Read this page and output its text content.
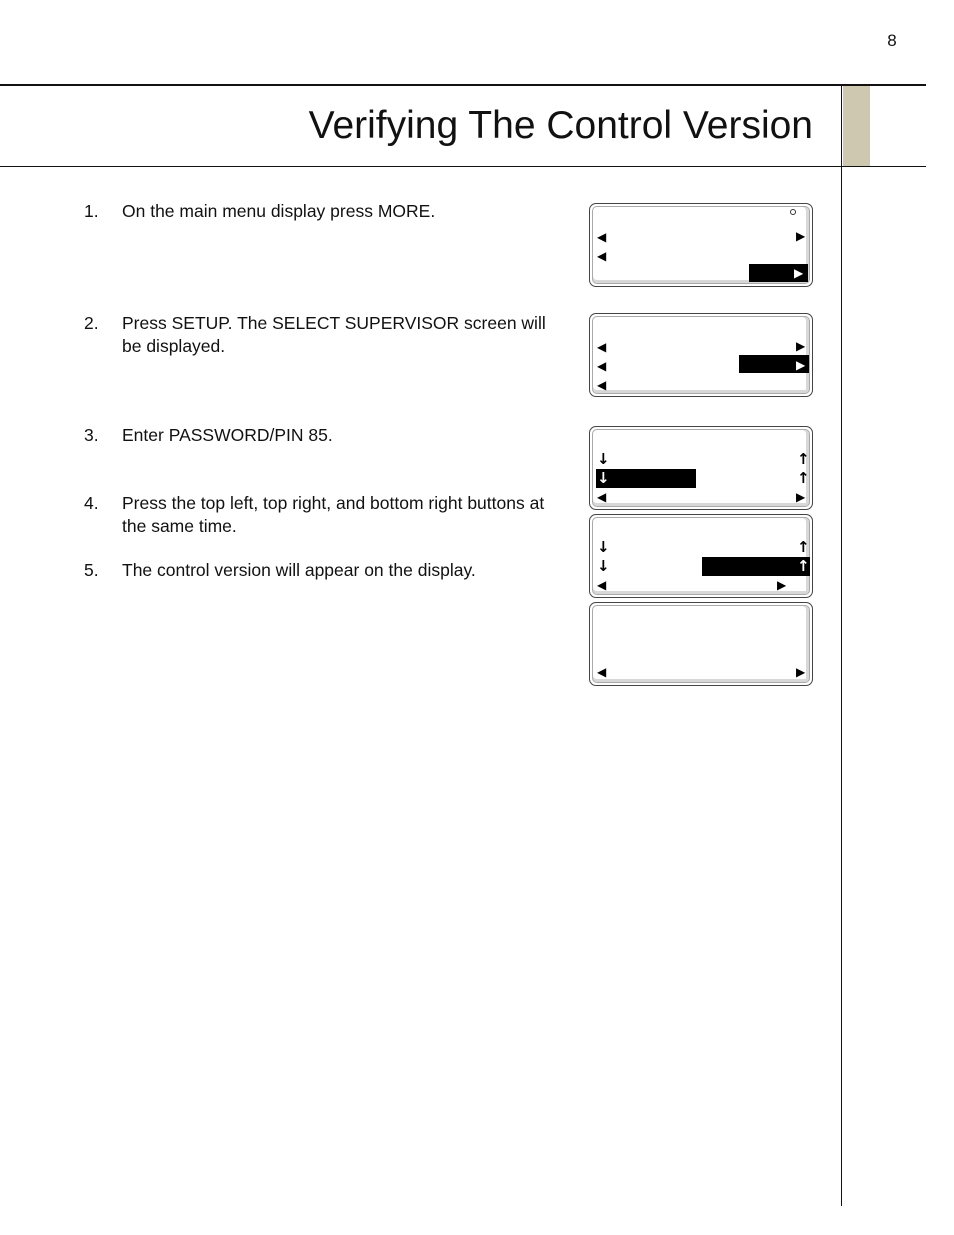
8
Verifying The Control Version
1.	On the main menu display press MORE.
2.	Press SETUP. The SELECT SUPERVISOR screen will be displayed.
3.	Enter PASSWORD/PIN 85.
4.	Press the top left, top right, and bottom right buttons at the same time.
5.	The control version will appear on the display.
◀	▶
◀
▶
▶
◀
▶
◀
◀
↓	↑
↓	↑
◀	▶
↓	↑
↓	↑
◀	▶
◀	▶
